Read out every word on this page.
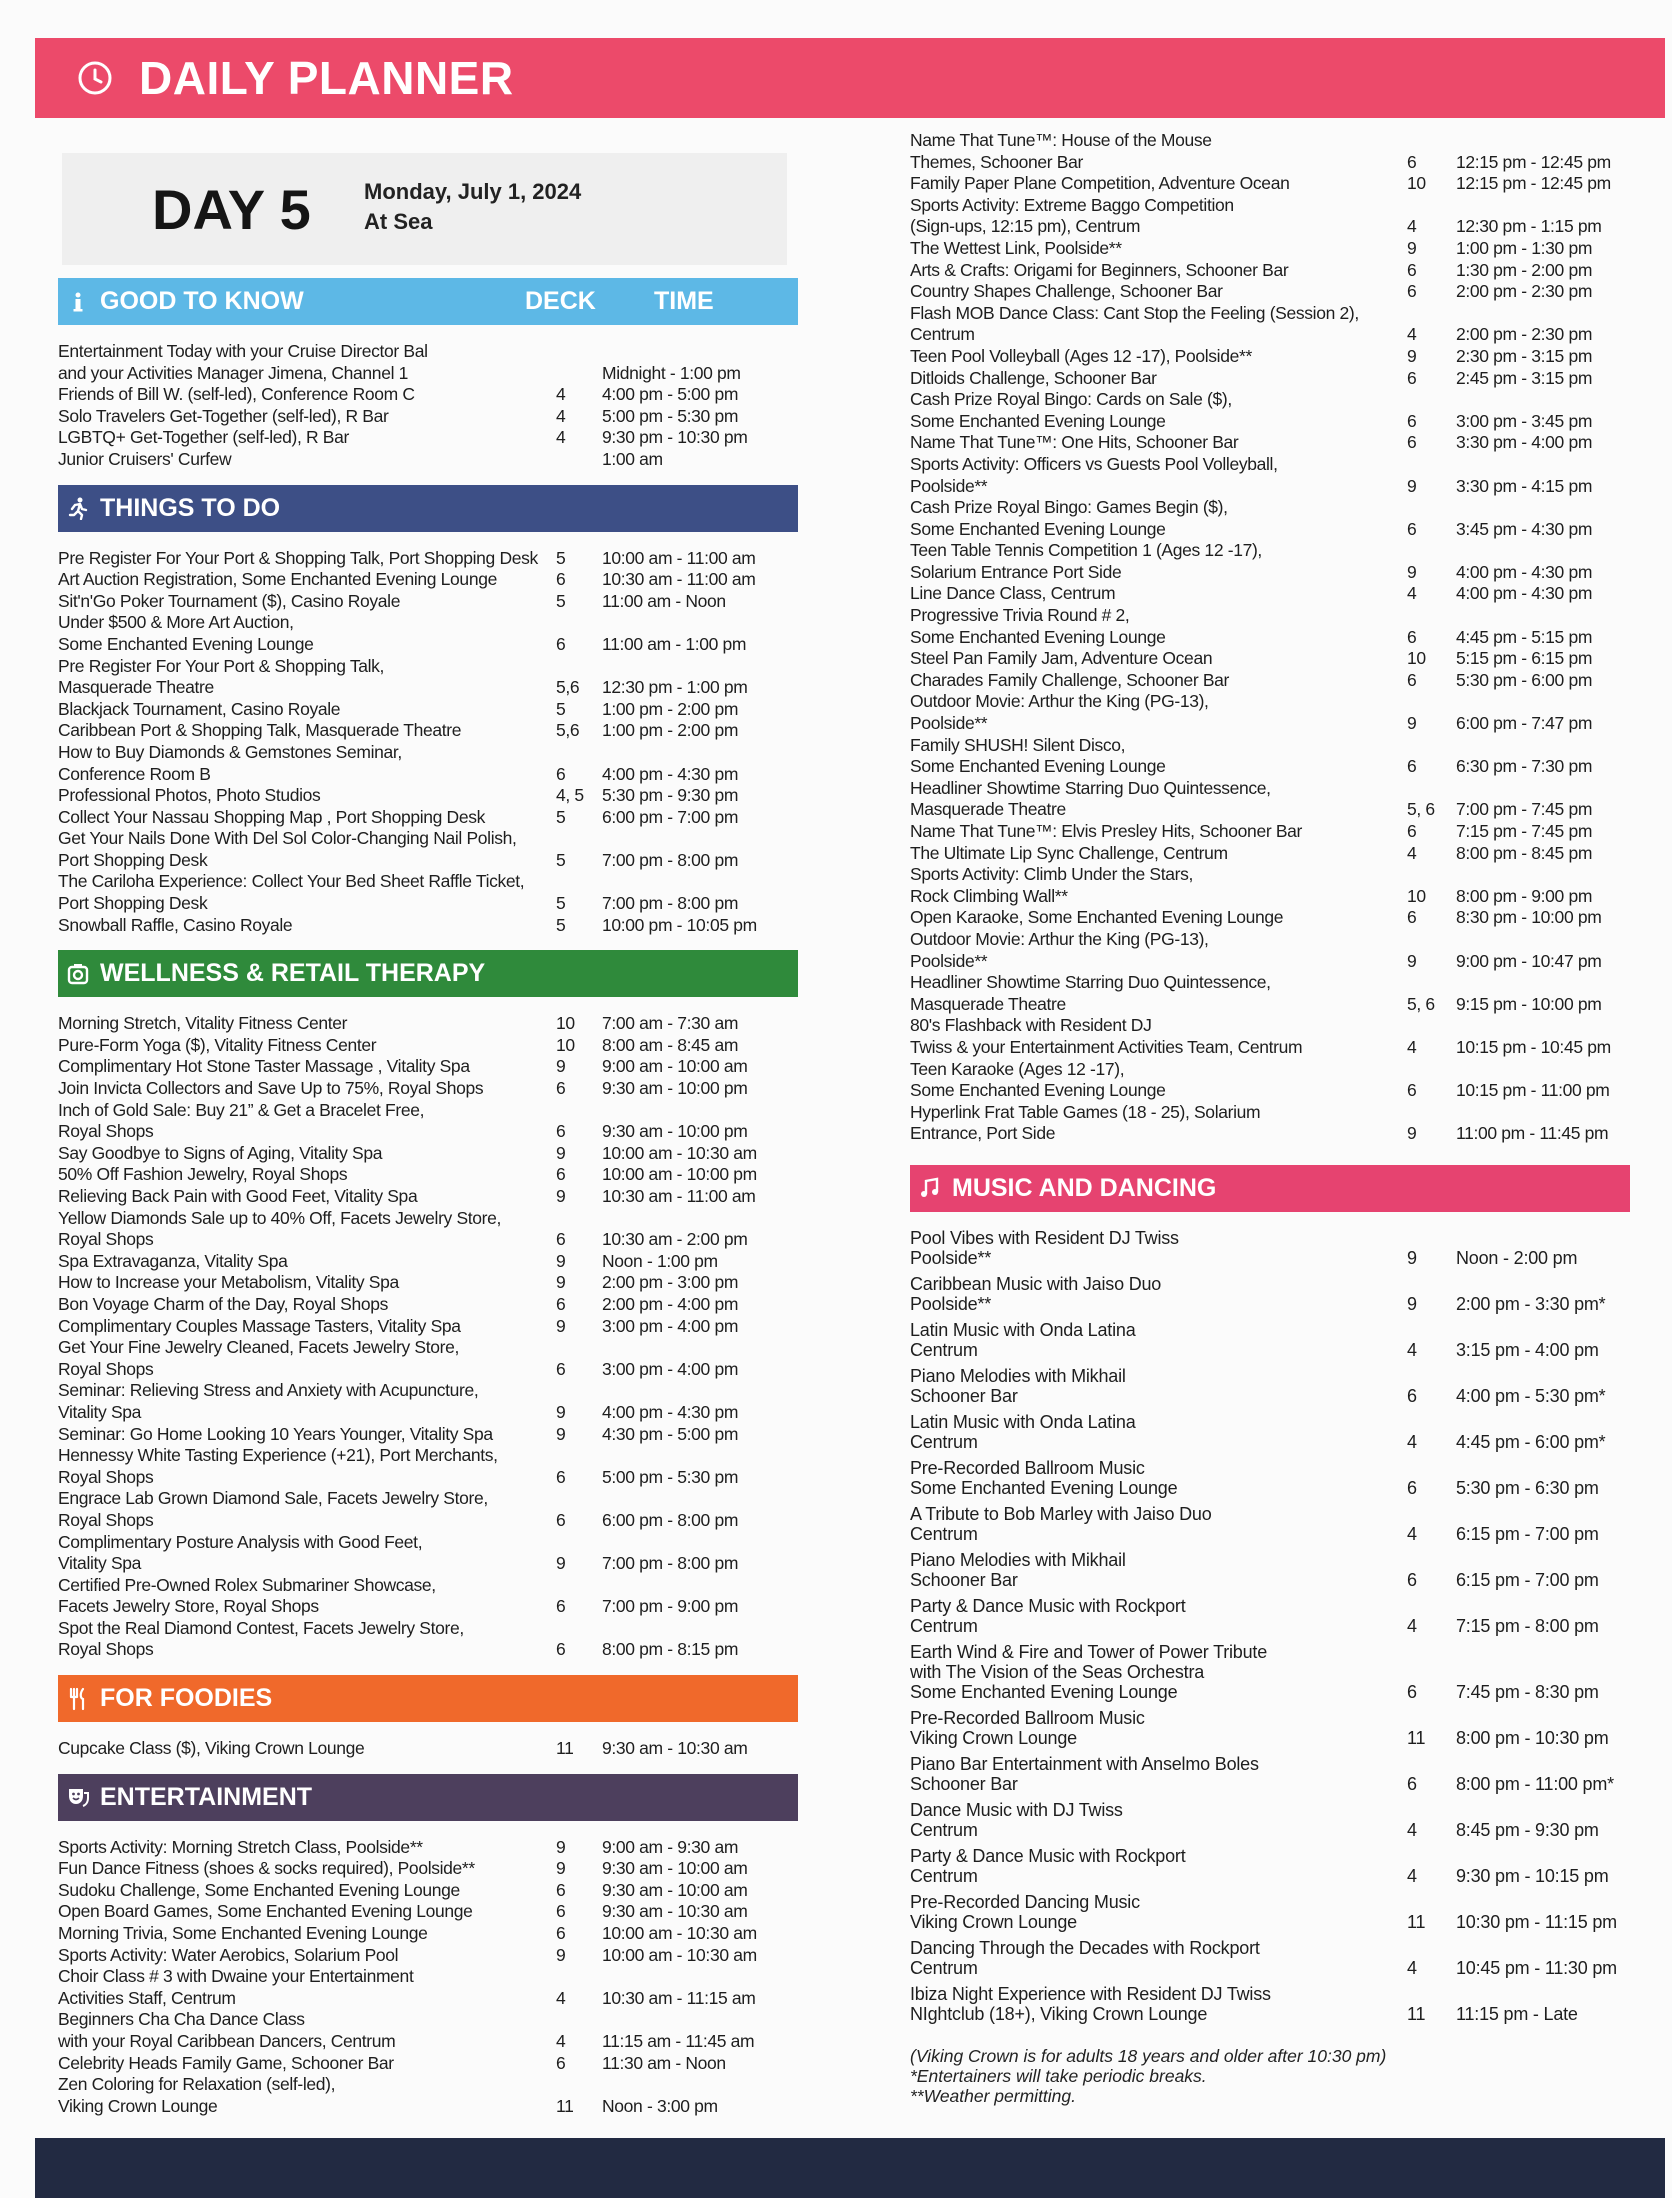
DAILY PLANNER
DAY 5 Monday, July 1, 2024
At Sea
GOOD TO KNOW	DECK TIME
Entertainment Today with your Cruise Director Bal
and your Activities Manager Jimena, Channel 1	Midnight - 1:00 pm
Friends of Bill W. (self-led), Conference Room C	4	4:00 pm - 5:00 pm
Solo Travelers Get-Together (self-led), R Bar	4	5:00 pm - 5:30 pm
LGBTQ+ Get-Together (self-led), R Bar	4	9:30 pm - 10:30 pm
Junior Cruisers' Curfew	1:00 am
THINGS TO DO
Pre Register For Your Port & Shopping Talk, Port Shopping Desk	5	10:00 am - 11:00 am
Art Auction Registration, Some Enchanted Evening Lounge	6	10:30 am - 11:00 am
Sit'n'Go Poker Tournament ($), Casino Royale	5	11:00 am - Noon
Under $500 & More Art Auction,
Some Enchanted Evening Lounge	6	11:00 am - 1:00 pm
Pre Register For Your Port & Shopping Talk,
Masquerade Theatre	5,6	12:30 pm - 1:00 pm
Blackjack Tournament, Casino Royale	5	1:00 pm - 2:00 pm
Caribbean Port & Shopping Talk, Masquerade Theatre	5,6	1:00 pm - 2:00 pm
How to Buy Diamonds & Gemstones Seminar,
Conference Room B	6	4:00 pm - 4:30 pm
Professional Photos, Photo Studios	4, 5	5:30 pm - 9:30 pm
Collect Your Nassau Shopping Map , Port Shopping Desk	5	6:00 pm - 7:00 pm
Get Your Nails Done With Del Sol Color-Changing Nail Polish,
Port Shopping Desk	5	7:00 pm - 8:00 pm
The Cariloha Experience: Collect Your Bed Sheet Raffle Ticket,
Port Shopping Desk	5	7:00 pm - 8:00 pm
Snowball Raffle, Casino Royale	5	10:00 pm - 10:05 pm
WELLNESS & RETAIL THERAPY
Morning Stretch, Vitality Fitness Center	10	7:00 am - 7:30 am
Pure-Form Yoga ($), Vitality Fitness Center	10	8:00 am - 8:45 am
Complimentary Hot Stone Taster Massage , Vitality Spa	9	9:00 am - 10:00 am
Join Invicta Collectors and Save Up to 75%, Royal Shops	6	9:30 am - 10:00 pm
Inch of Gold Sale: Buy 21” & Get a Bracelet Free,
Royal Shops	6	9:30 am - 10:00 pm
Say Goodbye to Signs of Aging, Vitality Spa	9	10:00 am - 10:30 am
50% Off Fashion Jewelry, Royal Shops	6	10:00 am - 10:00 pm
Relieving Back Pain with Good Feet, Vitality Spa	9	10:30 am - 11:00 am
Yellow Diamonds Sale up to 40% Off, Facets Jewelry Store,
Royal Shops	6	10:30 am - 2:00 pm
Spa Extravaganza, Vitality Spa	9	Noon - 1:00 pm
How to Increase your Metabolism, Vitality Spa	9	2:00 pm - 3:00 pm
Bon Voyage Charm of the Day, Royal Shops	6	2:00 pm - 4:00 pm
Complimentary Couples Massage Tasters, Vitality Spa	9	3:00 pm - 4:00 pm
Get Your Fine Jewelry Cleaned, Facets Jewelry Store,
Royal Shops	6	3:00 pm - 4:00 pm
Seminar: Relieving Stress and Anxiety with Acupuncture,
Vitality Spa	9	4:00 pm - 4:30 pm
Seminar: Go Home Looking 10 Years Younger, Vitality Spa	9	4:30 pm - 5:00 pm
Hennessy White Tasting Experience (+21), Port Merchants,
Royal Shops	6	5:00 pm - 5:30 pm
Engrace Lab Grown Diamond Sale, Facets Jewelry Store,
Royal Shops	6	6:00 pm - 8:00 pm
Complimentary Posture Analysis with Good Feet,
Vitality Spa	9	7:00 pm - 8:00 pm
Certified Pre-Owned Rolex Submariner Showcase,
Facets Jewelry Store, Royal Shops	6	7:00 pm - 9:00 pm
Spot the Real Diamond Contest, Facets Jewelry Store,
Royal Shops	6	8:00 pm - 8:15 pm
FOR FOODIES
Cupcake Class ($), Viking Crown Lounge	11	9:30 am - 10:30 am
ENTERTAINMENT
Sports Activity: Morning Stretch Class, Poolside**	9	9:00 am - 9:30 am
Fun Dance Fitness (shoes & socks required), Poolside**	9	9:30 am - 10:00 am
Sudoku Challenge, Some Enchanted Evening Lounge	6	9:30 am - 10:00 am
Open Board Games, Some Enchanted Evening Lounge	6	9:30 am - 10:30 am
Morning Trivia, Some Enchanted Evening Lounge	6	10:00 am - 10:30 am
Sports Activity: Water Aerobics, Solarium Pool	9	10:00 am - 10:30 am
Choir Class # 3 with Dwaine your Entertainment
Activities Staff, Centrum	4	10:30 am - 11:15 am
Beginners Cha Cha Dance Class
with your Royal Caribbean Dancers, Centrum	4	11:15 am - 11:45 am
Celebrity Heads Family Game, Schooner Bar	6	11:30 am - Noon
Zen Coloring for Relaxation (self-led),
Viking Crown Lounge	11	Noon - 3:00 pm
Name That Tune™: House of the Mouse
Themes, Schooner Bar	6	12:15 pm - 12:45 pm
Family Paper Plane Competition, Adventure Ocean	10	12:15 pm - 12:45 pm
Sports Activity: Extreme Baggo Competition
(Sign-ups, 12:15 pm), Centrum	4	12:30 pm - 1:15 pm
The Wettest Link, Poolside**	9	1:00 pm - 1:30 pm
Arts & Crafts: Origami for Beginners, Schooner Bar	6	1:30 pm - 2:00 pm
Country Shapes Challenge, Schooner Bar	6	2:00 pm - 2:30 pm
Flash MOB Dance Class: Cant Stop the Feeling (Session 2),
Centrum	4	2:00 pm - 2:30 pm
Teen Pool Volleyball (Ages 12 -17), Poolside**	9	2:30 pm - 3:15 pm
Ditloids Challenge, Schooner Bar	6	2:45 pm - 3:15 pm
Cash Prize Royal Bingo: Cards on Sale ($),
Some Enchanted Evening Lounge	6	3:00 pm - 3:45 pm
Name That Tune™: One Hits, Schooner Bar	6	3:30 pm - 4:00 pm
Sports Activity: Officers vs Guests Pool Volleyball,
Poolside**	9	3:30 pm - 4:15 pm
Cash Prize Royal Bingo: Games Begin ($),
Some Enchanted Evening Lounge	6	3:45 pm - 4:30 pm
Teen Table Tennis Competition 1 (Ages 12 -17),
Solarium Entrance Port Side	9	4:00 pm - 4:30 pm
Line Dance Class, Centrum	4	4:00 pm - 4:30 pm
Progressive Trivia Round # 2,
Some Enchanted Evening Lounge	6	4:45 pm - 5:15 pm
Steel Pan Family Jam, Adventure Ocean	10	5:15 pm - 6:15 pm
Charades Family Challenge, Schooner Bar	6	5:30 pm - 6:00 pm
Outdoor Movie: Arthur the King (PG-13),
Poolside**	9	6:00 pm - 7:47 pm
Family SHUSH! Silent Disco,
Some Enchanted Evening Lounge	6	6:30 pm - 7:30 pm
Headliner Showtime Starring Duo Quintessence,
Masquerade Theatre	5, 6	7:00 pm - 7:45 pm
Name That Tune™: Elvis Presley Hits, Schooner Bar	6	7:15 pm - 7:45 pm
The Ultimate Lip Sync Challenge, Centrum	4	8:00 pm - 8:45 pm
Sports Activity: Climb Under the Stars,
Rock Climbing Wall**	10	8:00 pm - 9:00 pm
Open Karaoke, Some Enchanted Evening Lounge	6	8:30 pm - 10:00 pm
Outdoor Movie: Arthur the King (PG-13),
Poolside**	9	9:00 pm - 10:47 pm
Headliner Showtime Starring Duo Quintessence,
Masquerade Theatre	5, 6	9:15 pm - 10:00 pm
80's Flashback with Resident DJ
Twiss & your Entertainment Activities Team, Centrum	4	10:15 pm - 10:45 pm
Teen Karaoke (Ages 12 -17),
Some Enchanted Evening Lounge	6	10:15 pm - 11:00 pm
Hyperlink Frat Table Games (18 - 25), Solarium
Entrance, Port Side	9	11:00 pm - 11:45 pm
MUSIC AND DANCING
Pool Vibes with Resident DJ Twiss
Poolside**	9	Noon - 2:00 pm
Caribbean Music with Jaiso Duo
Poolside**	9	2:00 pm - 3:30 pm*
Latin Music with Onda Latina
Centrum	4	3:15 pm - 4:00 pm
Piano Melodies with Mikhail
Schooner Bar	6	4:00 pm - 5:30 pm*
Latin Music with Onda Latina
Centrum	4	4:45 pm - 6:00 pm*
Pre-Recorded Ballroom Music
Some Enchanted Evening Lounge	6	5:30 pm - 6:30 pm
A Tribute to Bob Marley with Jaiso Duo
Centrum	4	6:15 pm - 7:00 pm
Piano Melodies with Mikhail
Schooner Bar	6	6:15 pm - 7:00 pm
Party & Dance Music with Rockport
Centrum	4	7:15 pm - 8:00 pm
Earth Wind & Fire and Tower of Power Tribute
with The Vision of the Seas Orchestra
Some Enchanted Evening Lounge	6	7:45 pm - 8:30 pm
Pre-Recorded Ballroom Music
Viking Crown Lounge	11	8:00 pm - 10:30 pm
Piano Bar Entertainment with Anselmo Boles
Schooner Bar	6	8:00 pm - 11:00 pm*
Dance Music with DJ Twiss
Centrum	4	8:45 pm - 9:30 pm
Party & Dance Music with Rockport
Centrum	4	9:30 pm - 10:15 pm
Pre-Recorded Dancing Music
Viking Crown Lounge	11	10:30 pm - 11:15 pm
Dancing Through the Decades with Rockport
Centrum	4	10:45 pm - 11:30 pm
Ibiza Night Experience with Resident DJ Twiss
NIghtclub (18+), Viking Crown Lounge	11	11:15 pm - Late
(Viking Crown is for adults 18 years and older after 10:30 pm)
*Entertainers will take periodic breaks.
**Weather permitting.
